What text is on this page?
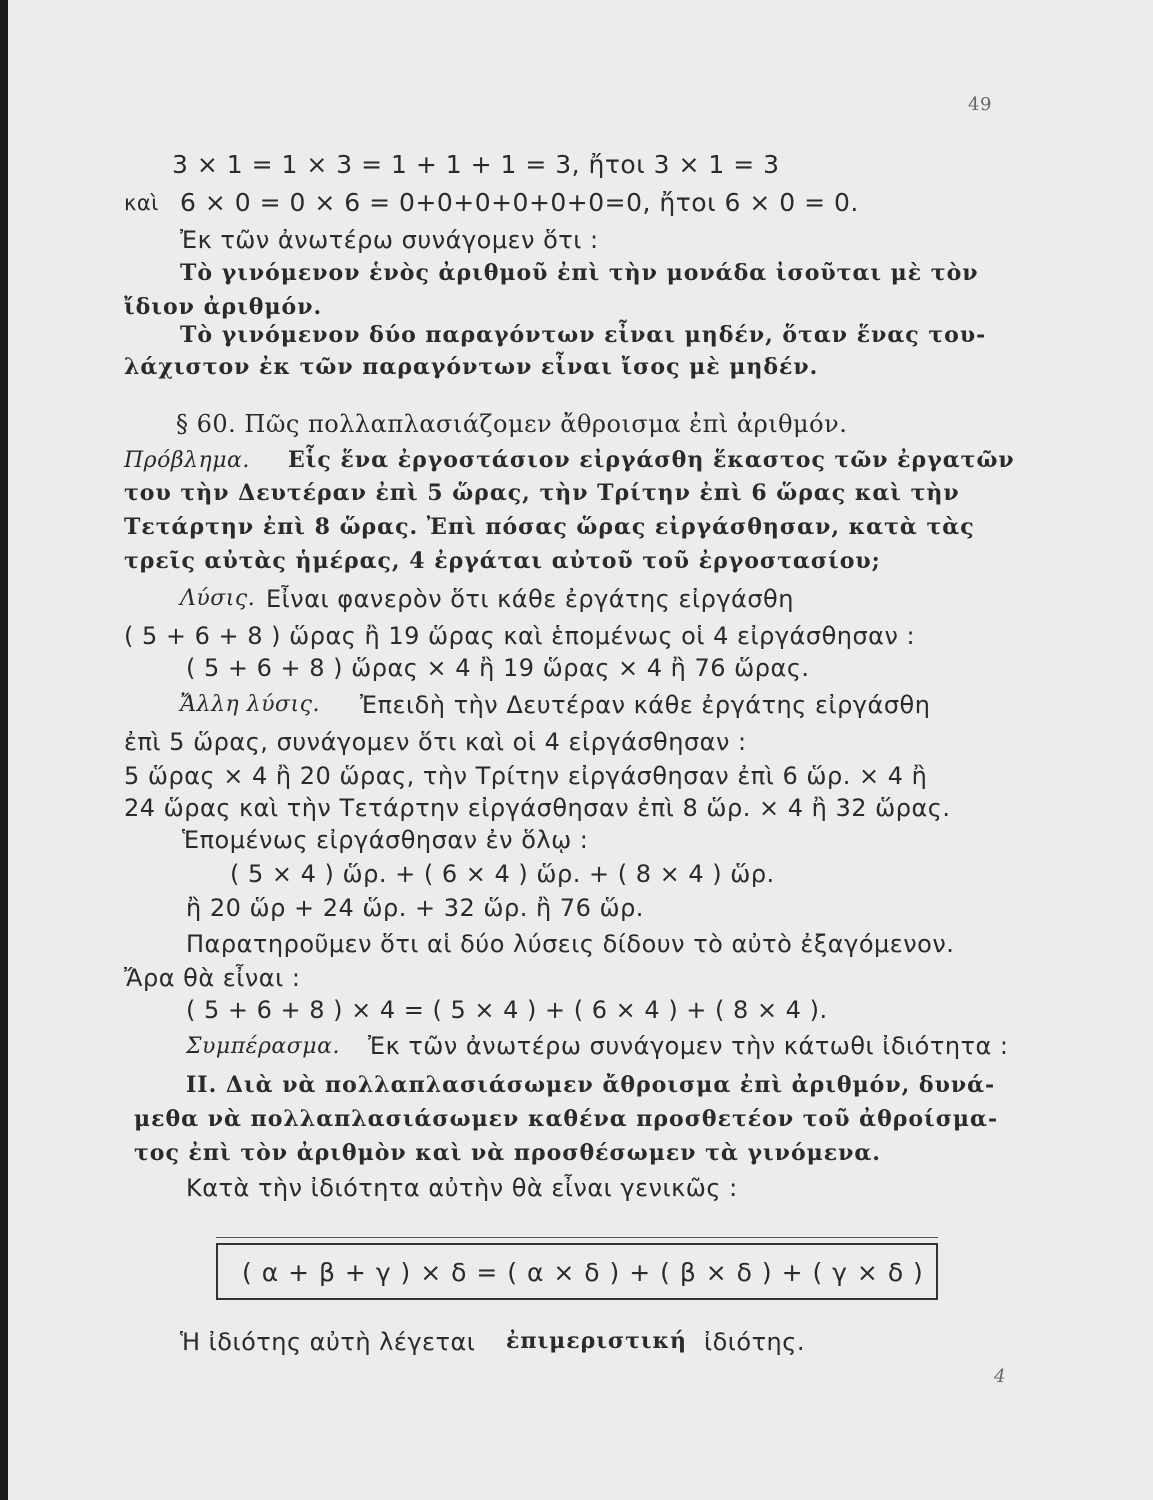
49
3 × 1 = 1 × 3 = 1 + 1 + 1 = 3, ἤτοι 3 × 1 = 3
καὶ 6 × 0 = 0 × 6 = 0+0+0+0+0+0=0, ἤτοι 6 × 0 = 0.
Ἐκ τῶν ἀνωτέρω συνάγομεν ὅτι :
Τὸ γινόμενον ἑνὸς ἀριθμοῦ ἐπὶ τὴν μονάδα ἰσοῦται μὲ τὸν
ἴδιον ἀριθμόν.
Τὸ γινόμενον δύο παραγόντων εἶναι μηδέν, ὅταν ἕνας του-
λάχιστον ἐκ τῶν παραγόντων εἶναι ἴσος μὲ μηδέν.
§ 60. Πῶς πολλαπλασιάζομεν ἄθροισμα ἐπὶ ἀριθμόν.
Πρόβλημα. Εἷς ἕνα ἐργοστάσιον εἰργάσθη ἕκαστος τῶν ἐργατῶν
του τὴν Δευτέραν ἐπὶ 5 ὥρας, τὴν Τρίτην ἐπὶ 6 ὥρας καὶ τὴν
Τετάρτην ἐπὶ 8 ὥρας. Ἐπὶ πόσας ὥρας εἰργάσθησαν, κατὰ τὰς
τρεῖς αὐτὰς ἡμέρας, 4 ἐργάται αὐτοῦ τοῦ ἐργοστασίου;
Λύσις. Εἶναι φανερὸν ὅτι κάθε ἐργάτης εἰργάσθη
( 5 + 6 + 8 ) ὥρας ἢ 19 ὥρας καὶ ἑπομένως οἱ 4 εἰργάσθησαν :
( 5 + 6 + 8 ) ὥρας × 4 ἢ 19 ὥρας × 4 ἢ 76 ὥρας.
Ἄλλη λύσις. Ἐπειδὴ τὴν Δευτέραν κάθε ἐργάτης εἰργάσθη
ἐπὶ 5 ὥρας, συνάγομεν ὅτι καὶ οἱ 4 εἰργάσθησαν :
5 ὥρας × 4 ἢ 20 ὥρας, τὴν Τρίτην εἰργάσθησαν ἐπὶ 6 ὥρ. × 4 ἢ
24 ὥρας καὶ τὴν Τετάρτην εἰργάσθησαν ἐπὶ 8 ὥρ. × 4 ἢ 32 ὥρας.
Ἑπομένως εἰργάσθησαν ἐν ὅλῳ :
( 5 × 4 ) ὥρ. + ( 6 × 4 ) ὥρ. + ( 8 × 4 ) ὥρ.
ἢ 20 ὥρ + 24 ὥρ. + 32 ὥρ. ἢ 76 ὥρ.
Παρατηροῦμεν ὅτι αἱ δύο λύσεις δίδουν τὸ αὐτὸ ἐξαγόμενον.
Ἄρα θὰ εἶναι :
( 5 + 6 + 8 ) × 4 = ( 5 × 4 ) + ( 6 × 4 ) + ( 8 × 4 ).
Συμπέρασμα. Ἐκ τῶν ἀνωτέρω συνάγομεν τὴν κάτωθι ἰδιότητα :
ΙΙ. Διὰ νὰ πολλαπλασιάσωμεν ἄθροισμα ἐπὶ ἀριθμόν, δυνά-
μεθα νὰ πολλαπλασιάσωμεν καθένα προσθετέον τοῦ ἀθροίσμα-
τος ἐπὶ τὸν ἀριθμὸν καὶ νὰ προσθέσωμεν τὰ γινόμενα.
Κατὰ τὴν ἰδιότητα αὐτὴν θὰ εἶναι γενικῶς :
( α + β + γ ) × δ = ( α × δ ) + ( β × δ ) + ( γ × δ )
Ἡ ἰδιότης αὐτὴ λέγεται ἐπιμεριστική ἰδιότης.
4
